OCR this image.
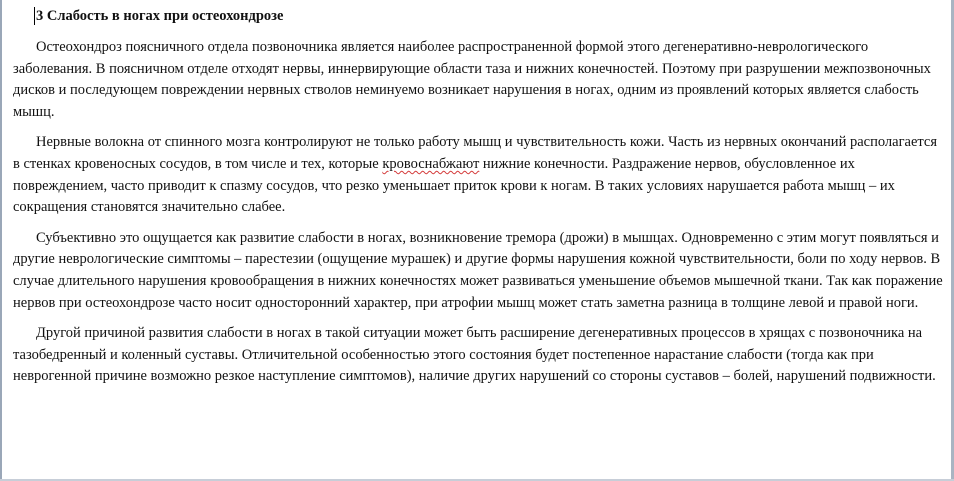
3 Слабость в ногах при остеохондрозе

Остеохондроз поясничного отдела позвоночника является наиболее распространенной формой этого дегенеративно-неврологического заболевания. В поясничном отделе отходят нервы, иннервирующие области таза и нижних конечностей. Поэтому при разрушении межпозвоночных дисков и последующем повреждении нервных стволов неминуемо возникает нарушения в ногах, одним из проявлений которых является слабость мышц.

Нервные волокна от спинного мозга контролируют не только работу мышц и чувствительность кожи. Часть из нервных окончаний располагается в стенках кровеносных сосудов, в том числе и тех, которые кровоснабжают нижние конечности. Раздражение нервов, обусловленное их повреждением, часто приводит к спазму сосудов, что резко уменьшает приток крови к ногам. В таких условиях нарушается работа мышц – их сокращения становятся значительно слабее.

Субъективно это ощущается как развитие слабости в ногах, возникновение тремора (дрожи) в мышцах. Одновременно с этим могут появляться и другие неврологические симптомы – парестезии (ощущение мурашек) и другие формы нарушения кожной чувствительности, боли по ходу нервов. В случае длительного нарушения кровообращения в нижних конечностях может развиваться уменьшение объемов мышечной ткани. Так как поражение нервов при остеохондрозе часто носит односторонний характер, при атрофии мышц может стать заметна разница в толщине левой и правой ноги.

Другой причиной развития слабости в ногах в такой ситуации может быть расширение дегенеративных процессов в хрящах с позвоночника на тазобедренный и коленный суставы. Отличительной особенностью этого состояния будет постепенное нарастание слабости (тогда как при неврогенной причине возможно резкое наступление симптомов), наличие других нарушений со стороны суставов – болей, нарушений подвижности.
